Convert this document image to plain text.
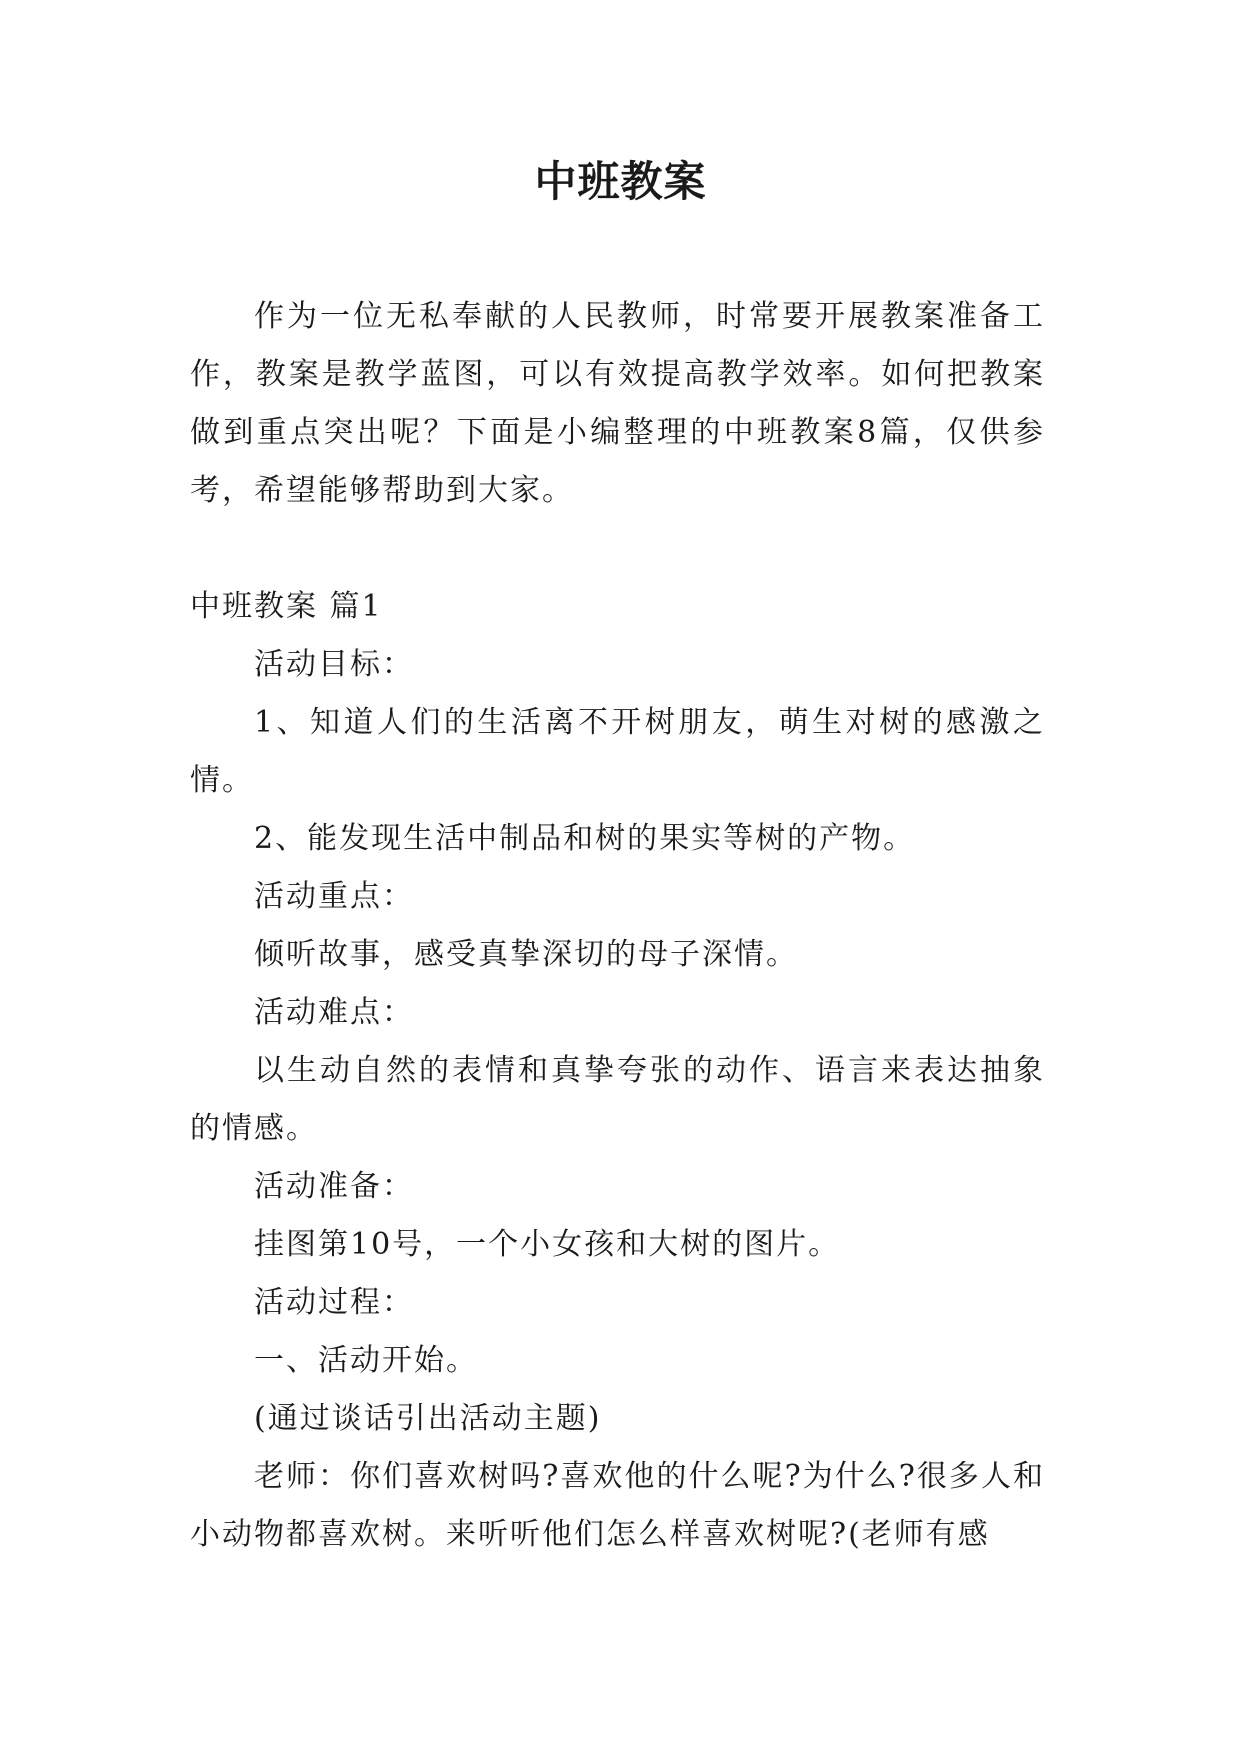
中班教案

作为一位无私奉献的人民教师，时常要开展教案准备工作，教案是教学蓝图，可以有效提高教学效率。如何把教案做到重点突出呢？下面是小编整理的中班教案8篇，仅供参考，希望能够帮助到大家。

中班教案 篇1

活动目标：

1、知道人们的生活离不开树朋友，萌生对树的感激之情。

2、能发现生活中制品和树的果实等树的产物。

活动重点：

倾听故事，感受真挚深切的母子深情。

活动难点：

以生动自然的表情和真挚夸张的动作、语言来表达抽象的情感。

活动准备：

挂图第10号，一个小女孩和大树的图片。

活动过程：

一、活动开始。

(通过谈话引出活动主题)

老师：你们喜欢树吗?喜欢他的什么呢?为什么?很多人和小动物都喜欢树。来听听他们怎么样喜欢树呢?(老师有感
